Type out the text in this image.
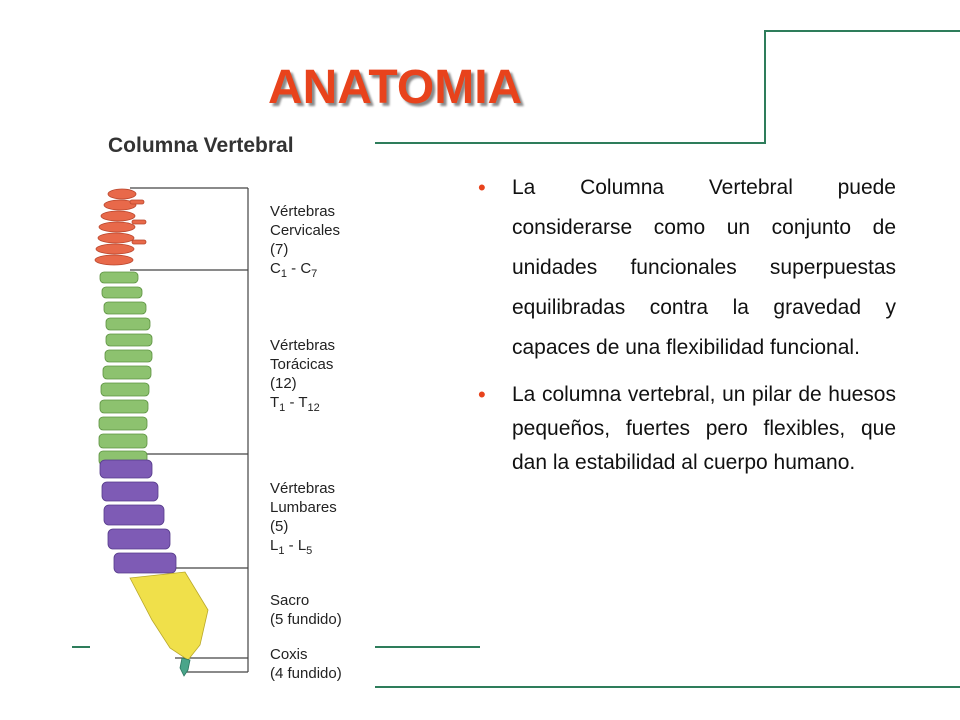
ANATOMIA
Columna Vertebral
Vértebras
Cervicales
(7)
$C_1 - C_7$
Vértebras
Torácicas
(12)
$T_1 - T_{12}$
Vértebras
Lumbares
(5)
$L_1 - L_5$
Sacro
(5 fundido)
Coxis
(4 fundido)
• La Columna Vertebral puede considerarse como un conjunto de unidades funcionales superpuestas equilibradas contra la gravedad y capaces de una flexibilidad funcional.
• La columna vertebral, un pilar de huesos pequeños, fuertes pero flexibles, que dan la estabilidad al cuerpo humano.
